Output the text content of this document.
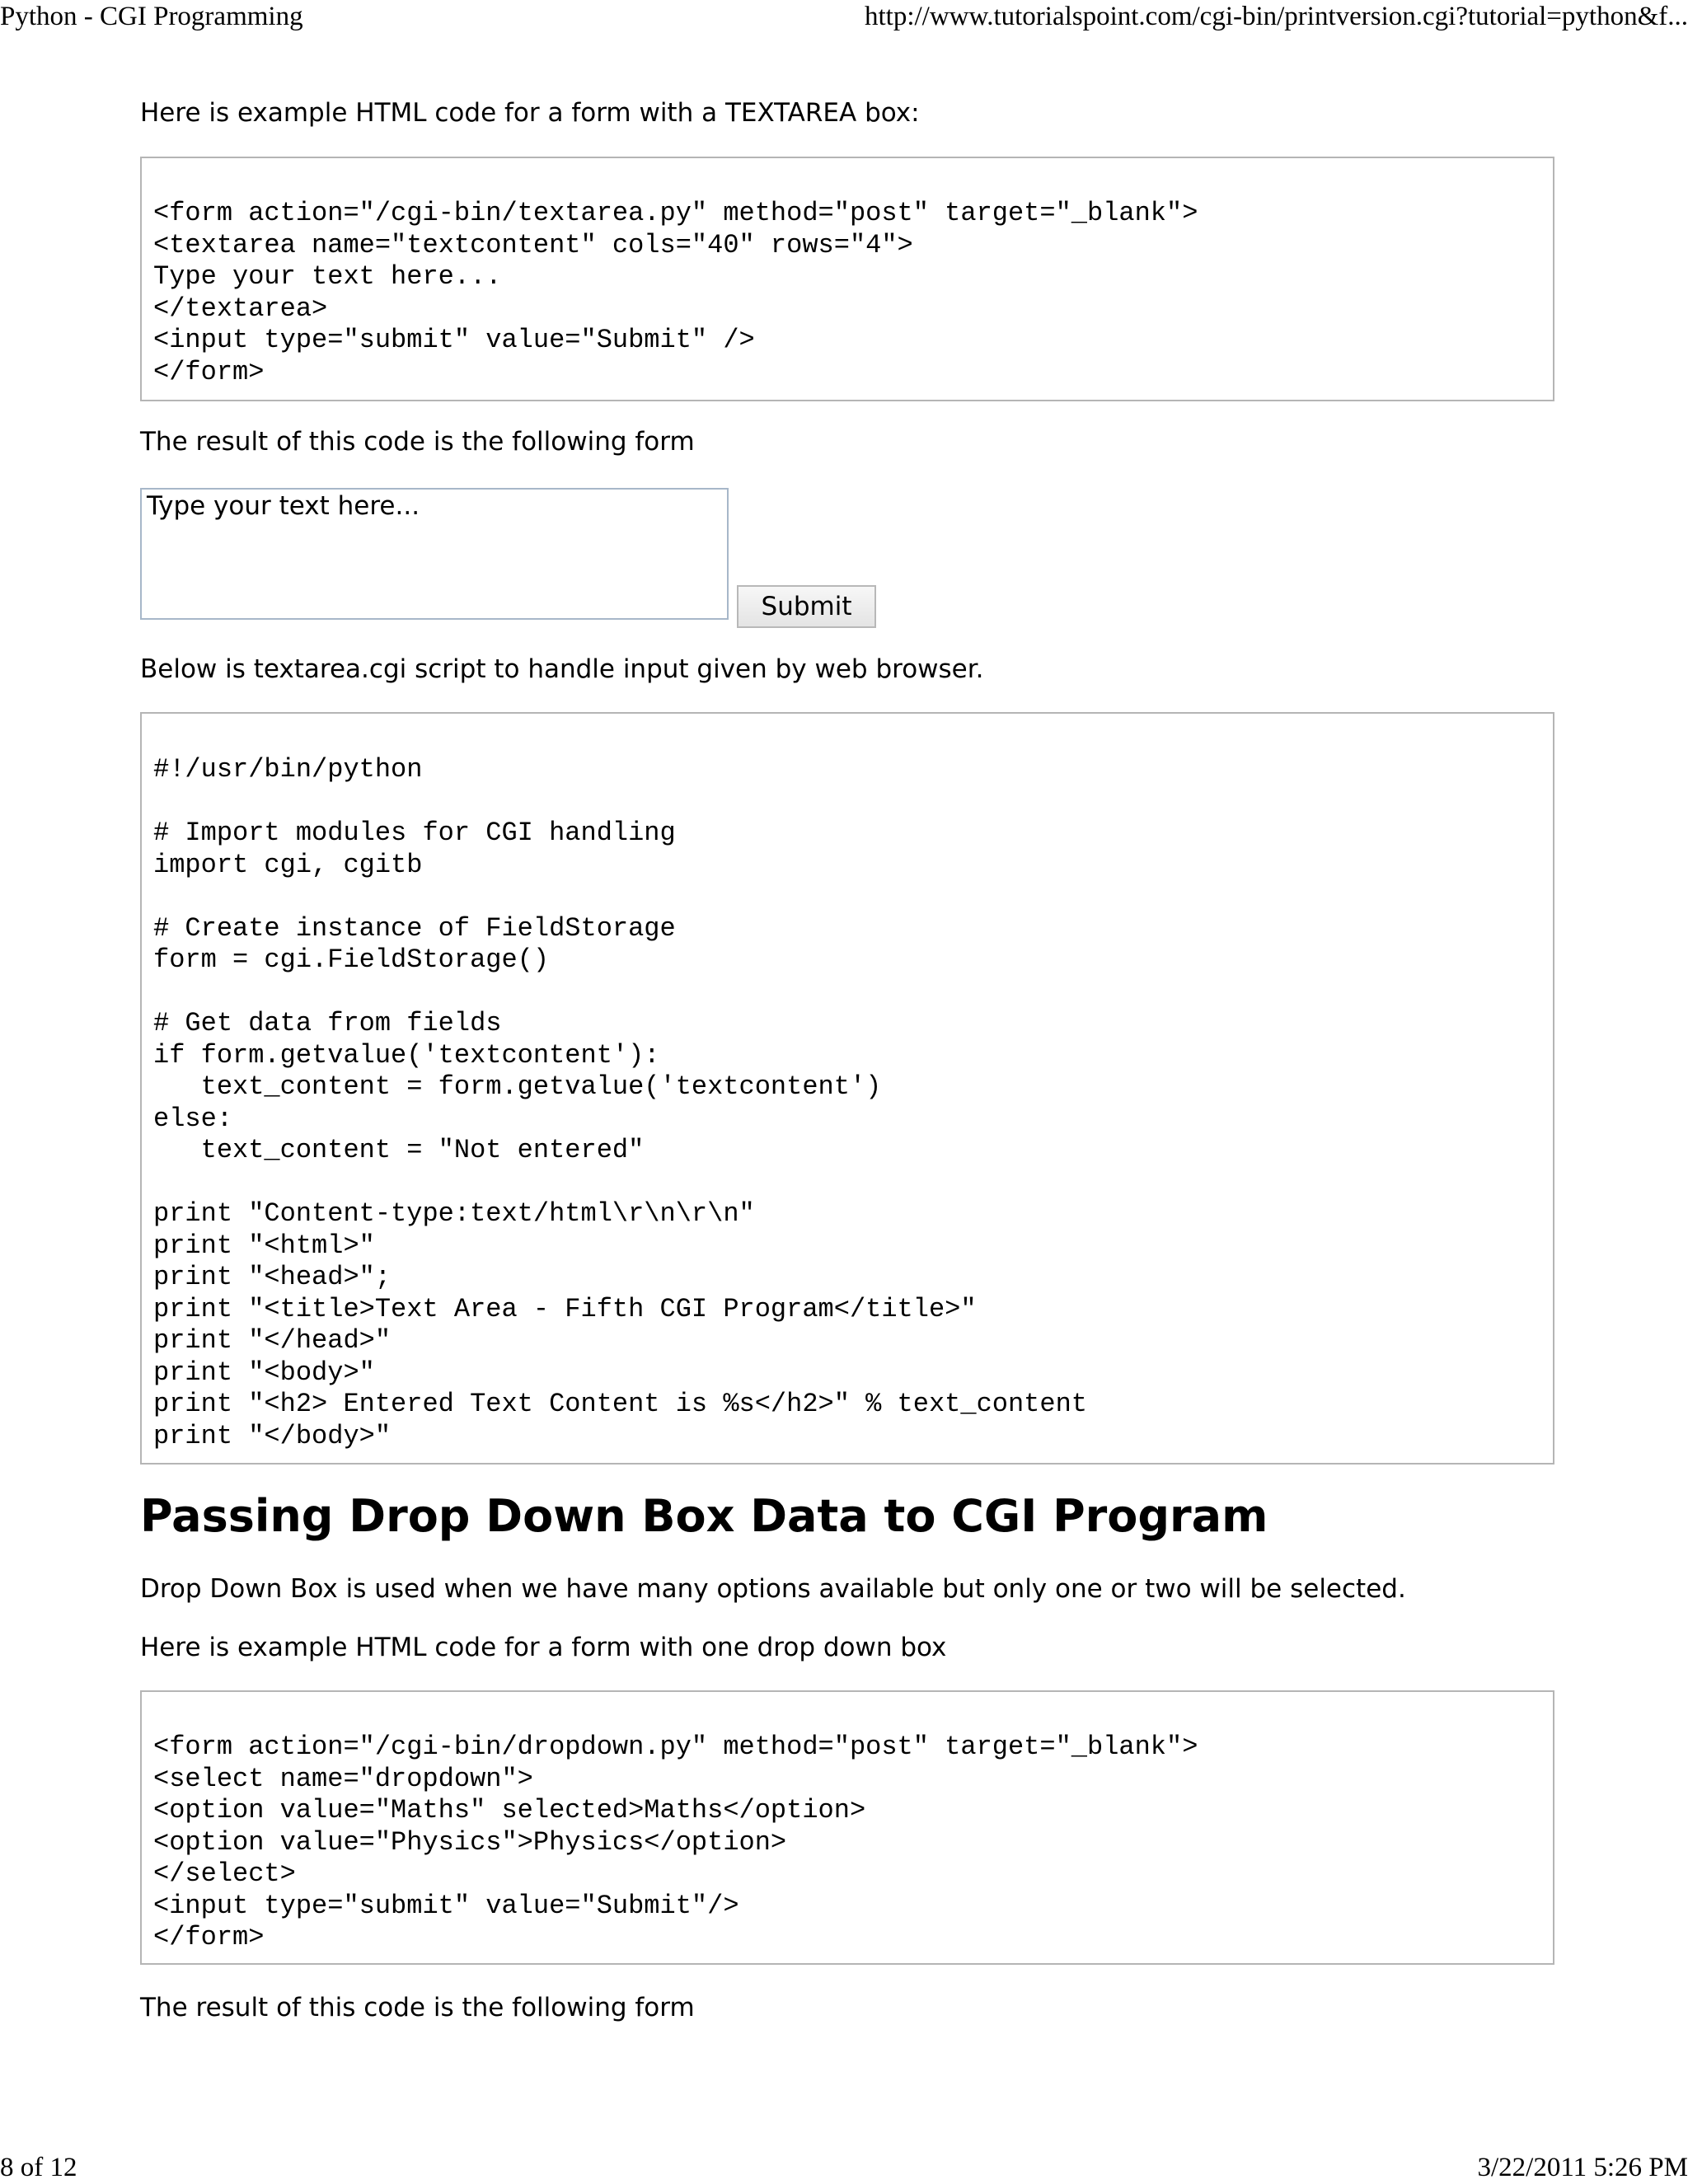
Python - CGI Programming	http://www.tutorialspoint.com/cgi-bin/printversion.cgi?tutorial=python&f...

Here is example HTML code for a form with a TEXTAREA box:

<form action="/cgi-bin/textarea.py" method="post" target="_blank">
<textarea name="textcontent" cols="40" rows="4">
Type your text here...
</textarea>
<input type="submit" value="Submit" />
</form>

The result of this code is the following form

Type your text here...
Submit

Below is textarea.cgi script to handle input given by web browser.

#!/usr/bin/python

# Import modules for CGI handling
import cgi, cgitb

# Create instance of FieldStorage
form = cgi.FieldStorage()

# Get data from fields
if form.getvalue('textcontent'):
text_content = form.getvalue('textcontent')
else:
text_content = "Not entered"

print "Content-type:text/html\r\n\r\n"
print "<html>"
print "<head>";
print "<title>Text Area - Fifth CGI Program</title>"
print "</head>"
print "<body>"
print "<h2> Entered Text Content is %s</h2>" % text_content
print "</body>"
Passing Drop Down Box Data to CGI Program

Drop Down Box is used when we have many options available but only one or two will be selected.

Here is example HTML code for a form with one drop down box

<form action="/cgi-bin/dropdown.py" method="post" target="_blank">
<select name="dropdown">
<option value="Maths" selected>Maths</option>
<option value="Physics">Physics</option>
</select>
<input type="submit" value="Submit"/>
</form>

The result of this code is the following form

8 of 12	3/22/2011 5:26 PM
